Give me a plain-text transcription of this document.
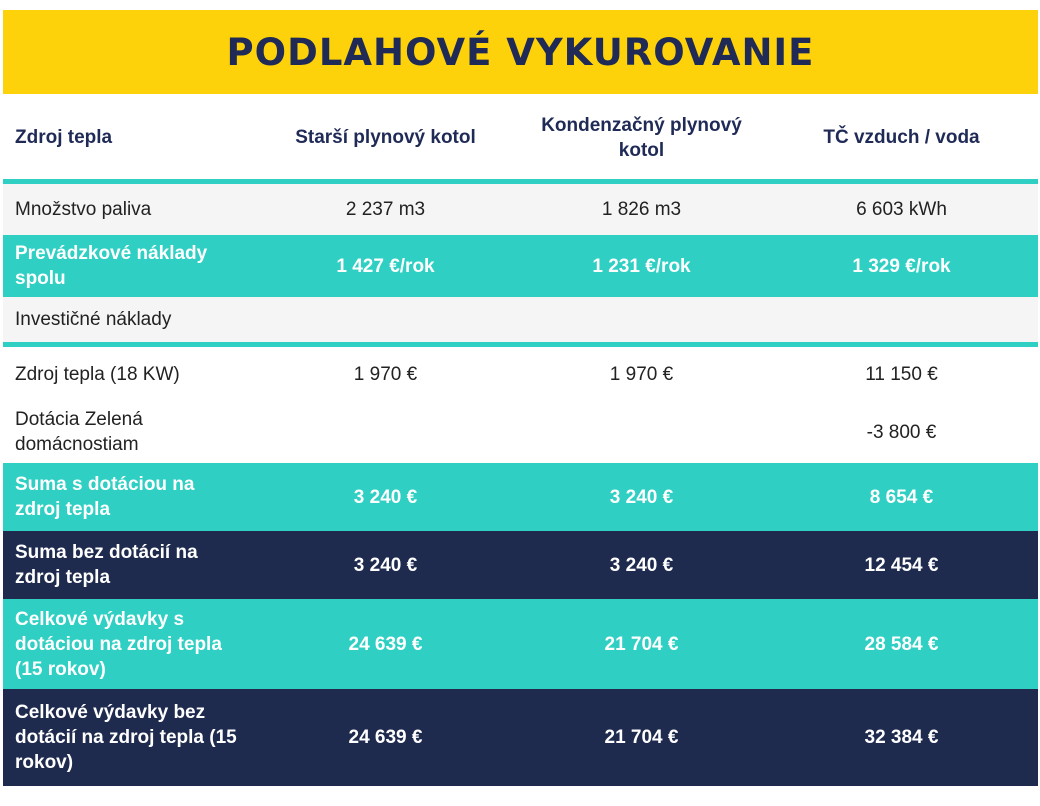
PODLAHOVÉ VYKUROVANIE
Zdroj tepla	Starší plynový kotol	Kondenzačný plynový kotol	TČ vzduch / voda
Množstvo paliva	2 237 m3	1 826 m3	6 603 kWh
Prevádzkové náklady spolu	1 427 €/rok	1 231 €/rok	1 329 €/rok
Investičné náklady			
Zdroj tepla (18 KW)	1 970 €	1 970 €	11 150 €
Dotácia Zelená domácnostiam			-3 800 €
Suma s dotáciou na zdroj tepla	3 240 €	3 240 €	8 654 €
Suma bez dotácií na zdroj tepla	3 240 €	3 240 €	12 454 €
Celkové výdavky s dotáciou na zdroj tepla (15 rokov)	24 639 €	21 704 €	28 584 €
Celkové výdavky bez dotácií na zdroj tepla (15 rokov)	24 639 €	21 704 €	32 384 €
